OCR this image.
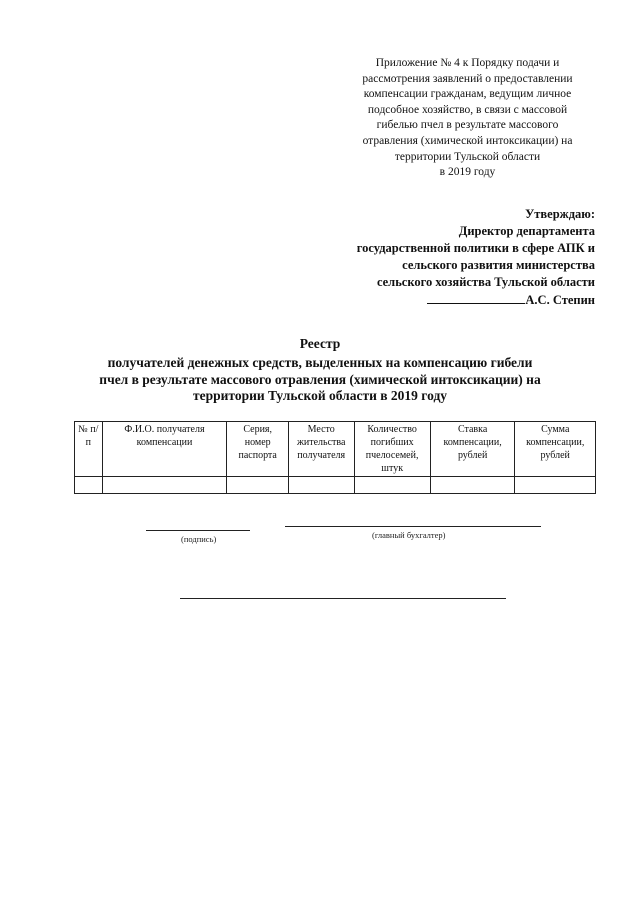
Приложение № 4 к Порядку подачи и
рассмотрения заявлений о предоставлении
компенсации гражданам, ведущим личное
подсобное хозяйство, в связи с массовой
гибелью пчел в результате массового
отравления (химической интоксикации) на
территории Тульской области
в 2019 году
Утверждаю:
Директор департамента
государственной политики в сфере АПК и
сельского развития министерства
сельского хозяйства Тульской области
А.С. Степин
Реестр
получателей денежных средств, выделенных на компенсацию гибели
пчел в результате массового отравления (химической интоксикации) на
территории Тульской области в 2019 году
№ п/п	Ф.И.О. получателя компенсации	Серия, номер паспорта	Место жительства получателя	Количество погибших пчелосемей, штук	Ставка компенсации, рублей	Сумма компенсации, рублей

(подпись)	(главный бухгалтер)
